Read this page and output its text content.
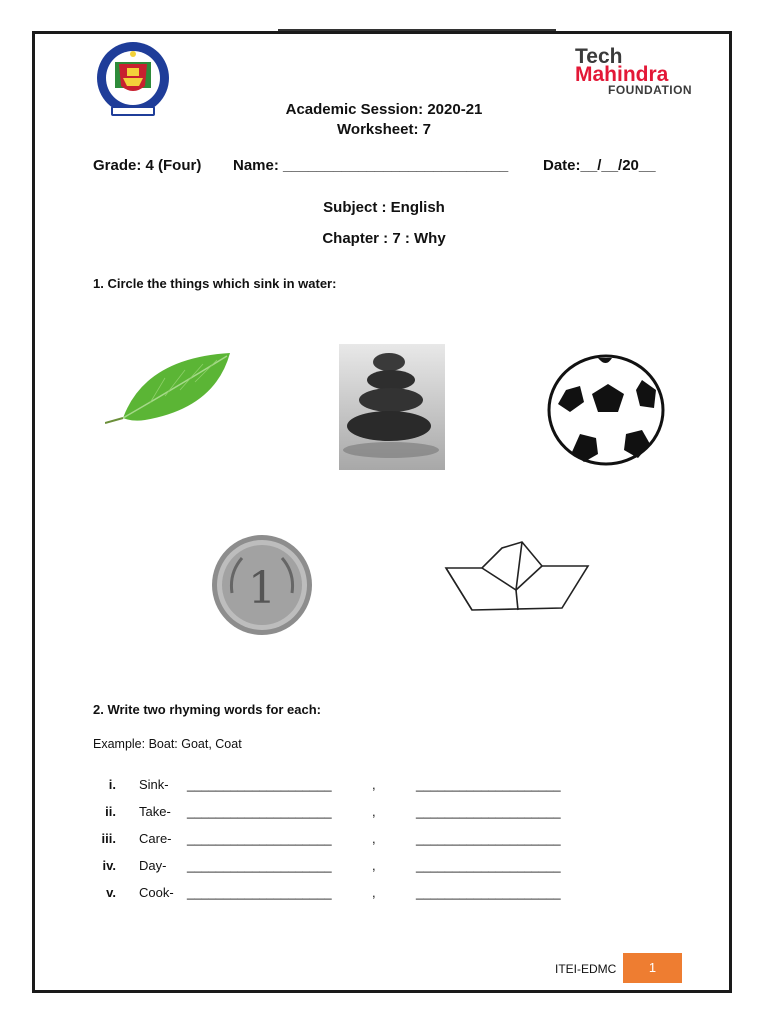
Tech
Mahindra
FOUNDATION
Academic Session: 2020-21
Worksheet: 7
Grade: 4 (Four) Name: ___________________________ Date:__/__/20__
Subject : English
Chapter : 7 : Why
1. Circle the things which sink in water:
1
2. Write two rhyming words for each:
Example: Boat: Goat, Coat
i. Sink- ____________________	,	____________________
ii. Take- ____________________	,	____________________
iii. Care- ____________________	,	____________________
iv. Day- ____________________	,	____________________
v. Cook- ____________________	,	____________________
ITEI-EDMC	1
